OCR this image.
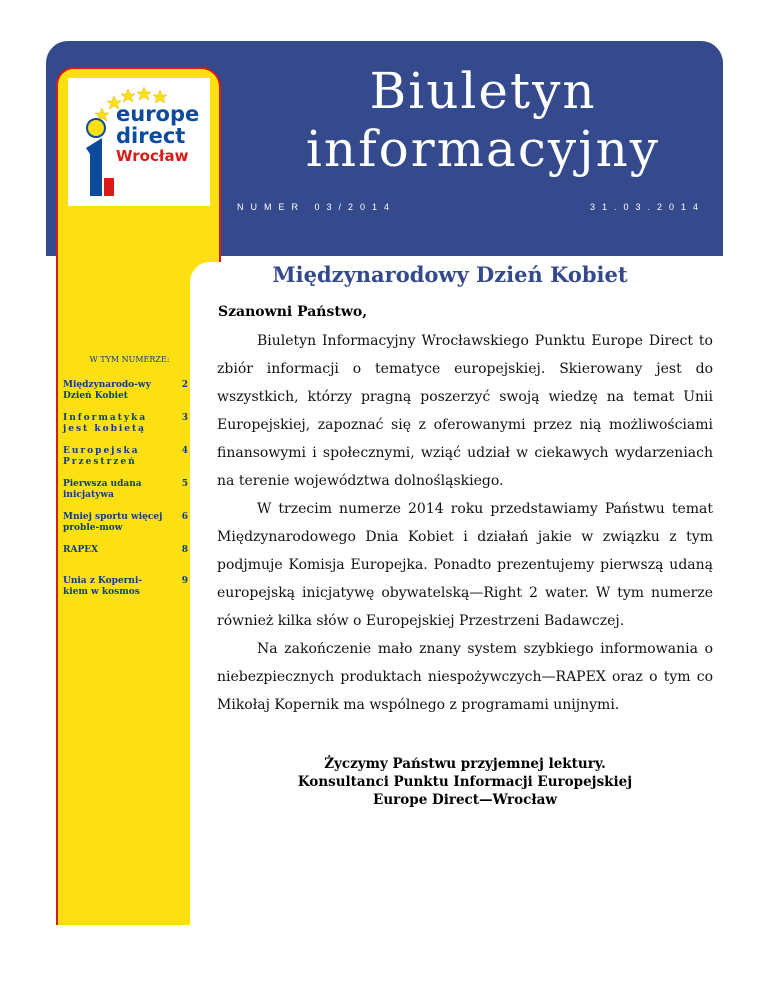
Biuletyn
informacyjny
NUMER 03/2014	31.03.2014
europe
direct
Wrocław
W TYM NUMERZE:
Międzynarodo-wy Dzień Kobiet
2
Informatyka jest kobietą
3
Europejska Przestrzeń
4
Pierwsza udana inicjatywa
5
Mniej sportu więcej proble-mow
6
RAPEX	8
Unia z Koperni-kiem w kosmos
9
Międzynarodowy Dzień Kobiet
Szanowni Państwo,

Biuletyn Informacyjny Wrocławskiego Punktu Europe Direct to zbiór informacji o tematyce europejskiej. Skierowany jest do wszystkich, którzy pragną poszerzyć swoją wiedzę na temat Unii Europejskiej, zapoznać się z oferowanymi przez nią możliwościami finansowymi i społecznymi, wziąć udział w ciekawych wydarzeniach na terenie województwa dolnośląskiego.

W trzecim numerze 2014 roku przedstawiamy Państwu temat Międzynarodowego Dnia Kobiet i działań jakie w związku z tym podjmuje Komisja Europejka. Ponadto prezentujemy pierwszą udaną europejską inicjatywę obywatelską—Right 2 water. W tym numerze również kilka słów o Europejskiej Przestrzeni Badawczej.

Na zakończenie mało znany system szybkiego informowania o niebezpiecznych produktach niespożywczych—RAPEX oraz o tym co Mikołaj Kopernik ma wspólnego z programami unijnymi.

Życzymy Państwu przyjemnej lektury.
Konsultanci Punktu Informacji Europejskiej
Europe Direct—Wrocław
